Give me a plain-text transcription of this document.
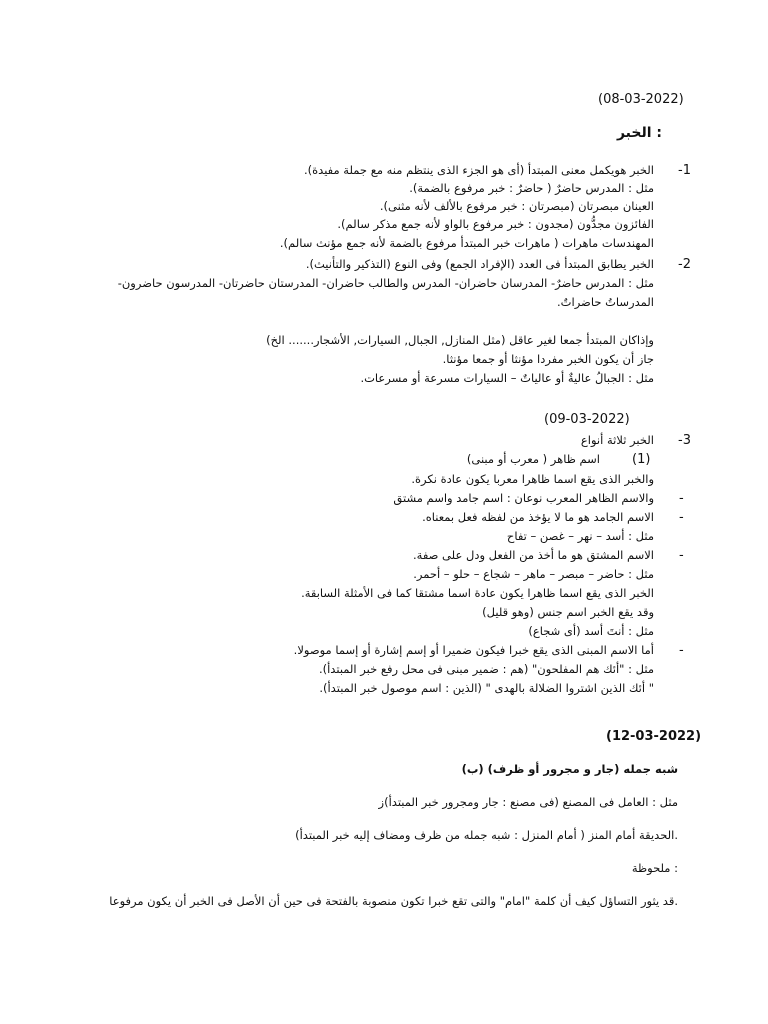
(08-03-2022)
: الخبر
-1
الخبر هويكمل معنى المبتدأ (أى هو الجزء الذى ينتظم منه مع جملة مفيدة).
مثل : المدرس حاضرٌ ( حاضرٌ : خبر مرفوع بالضمة).
العينان مبصرتان (مبصرتان : خبر مرفوع بالألف لأنه مثنى).
الفائزون مجدُّون (مجدون : خبر مرفوع بالواو لأنه جمع مذكر سالم).
المهندسات ماهرات ( ماهرات خبر المبتدأ مرفوع بالضمة لأنه جمع مؤنث سالم).
-2
الخبر يطابق المبتدأ فى العدد (الإفراد الجمع) وفى النوع (التذكير والتأنيث).
مثل : المدرس حاضرٌ- المدرسان حاضران- المدرس والطالب حاضران- المدرستان حاضرتان- المدرسون حاضرون-
المدرساتُ حاضراتٌ.
وإذاكان المبتدأ جمعا لغير عاقل (مثل المنازل, الجبال, السيارات, الأشجار....... الخ)
جاز أن يكون الخبر مفردا مؤنثا أو جمعا مؤنثا.
مثل : الجبالُ عاليةٌ أو عالياتٌ – السيارات مسرعة أو مسرعات.
(09-03-2022)
-3
الخبر ثلاثة أنواع
(1)
اسم ظاهر ( معرب أو مبنى)
والخبر الذى يقع اسما ظاهرا معربا يكون عادة نكرة.
-
والاسم الظاهر المعرب نوعان : اسم جامد واسم مشتق
-
الاسم الجامد هو ما لا يؤخذ من لفظه فعل بمعناه.
مثل : أسد – نهر – غصن – تفاح
-
الاسم المشتق هو ما أخذ من الفعل ودل على صفة.
مثل : حاضر – مبصر – ماهر – شجاع – حلو – أحمر.
الخبر الذى يقع اسما ظاهرا يكون عادة اسما مشتقا كما فى الأمثلة السابقة.
وقد يقع الخبر اسم جنس (وهو قليل)
مثل : أنتَ أسد (أى شجاع)
-
أما الاسم المبنى الذى يقع خبرا فيكون ضميرا أو إسم إشارة أو إسما موصولا.
مثل : "أئك هم المفلحون" (هم : ضمير مبنى فى محل رفع خبر المبتدأ).
" أئك الذين اشتروا الضلالة بالهدى " (الذين : اسم موصول خبر المبتدأ).
(12-03-2022)
شبه جمله (جار و مجرور أو ظرف) (ب)
مثل : العامل فى المصنع (فى مصنع : جار ومجرور خبر المبتدأ)ز
.الحديقة أمام المنز ( أمام المنزل : شبه جمله من ظرف ومضاف إليه خبر المبتدأ)
: ملحوظة
.قد يثور التساؤل كيف أن كلمة "امام" والتى تقع خبرا تكون منصوبة بالفتحة فى حين أن الأصل فى الخبر أن يكون مرفوعا
